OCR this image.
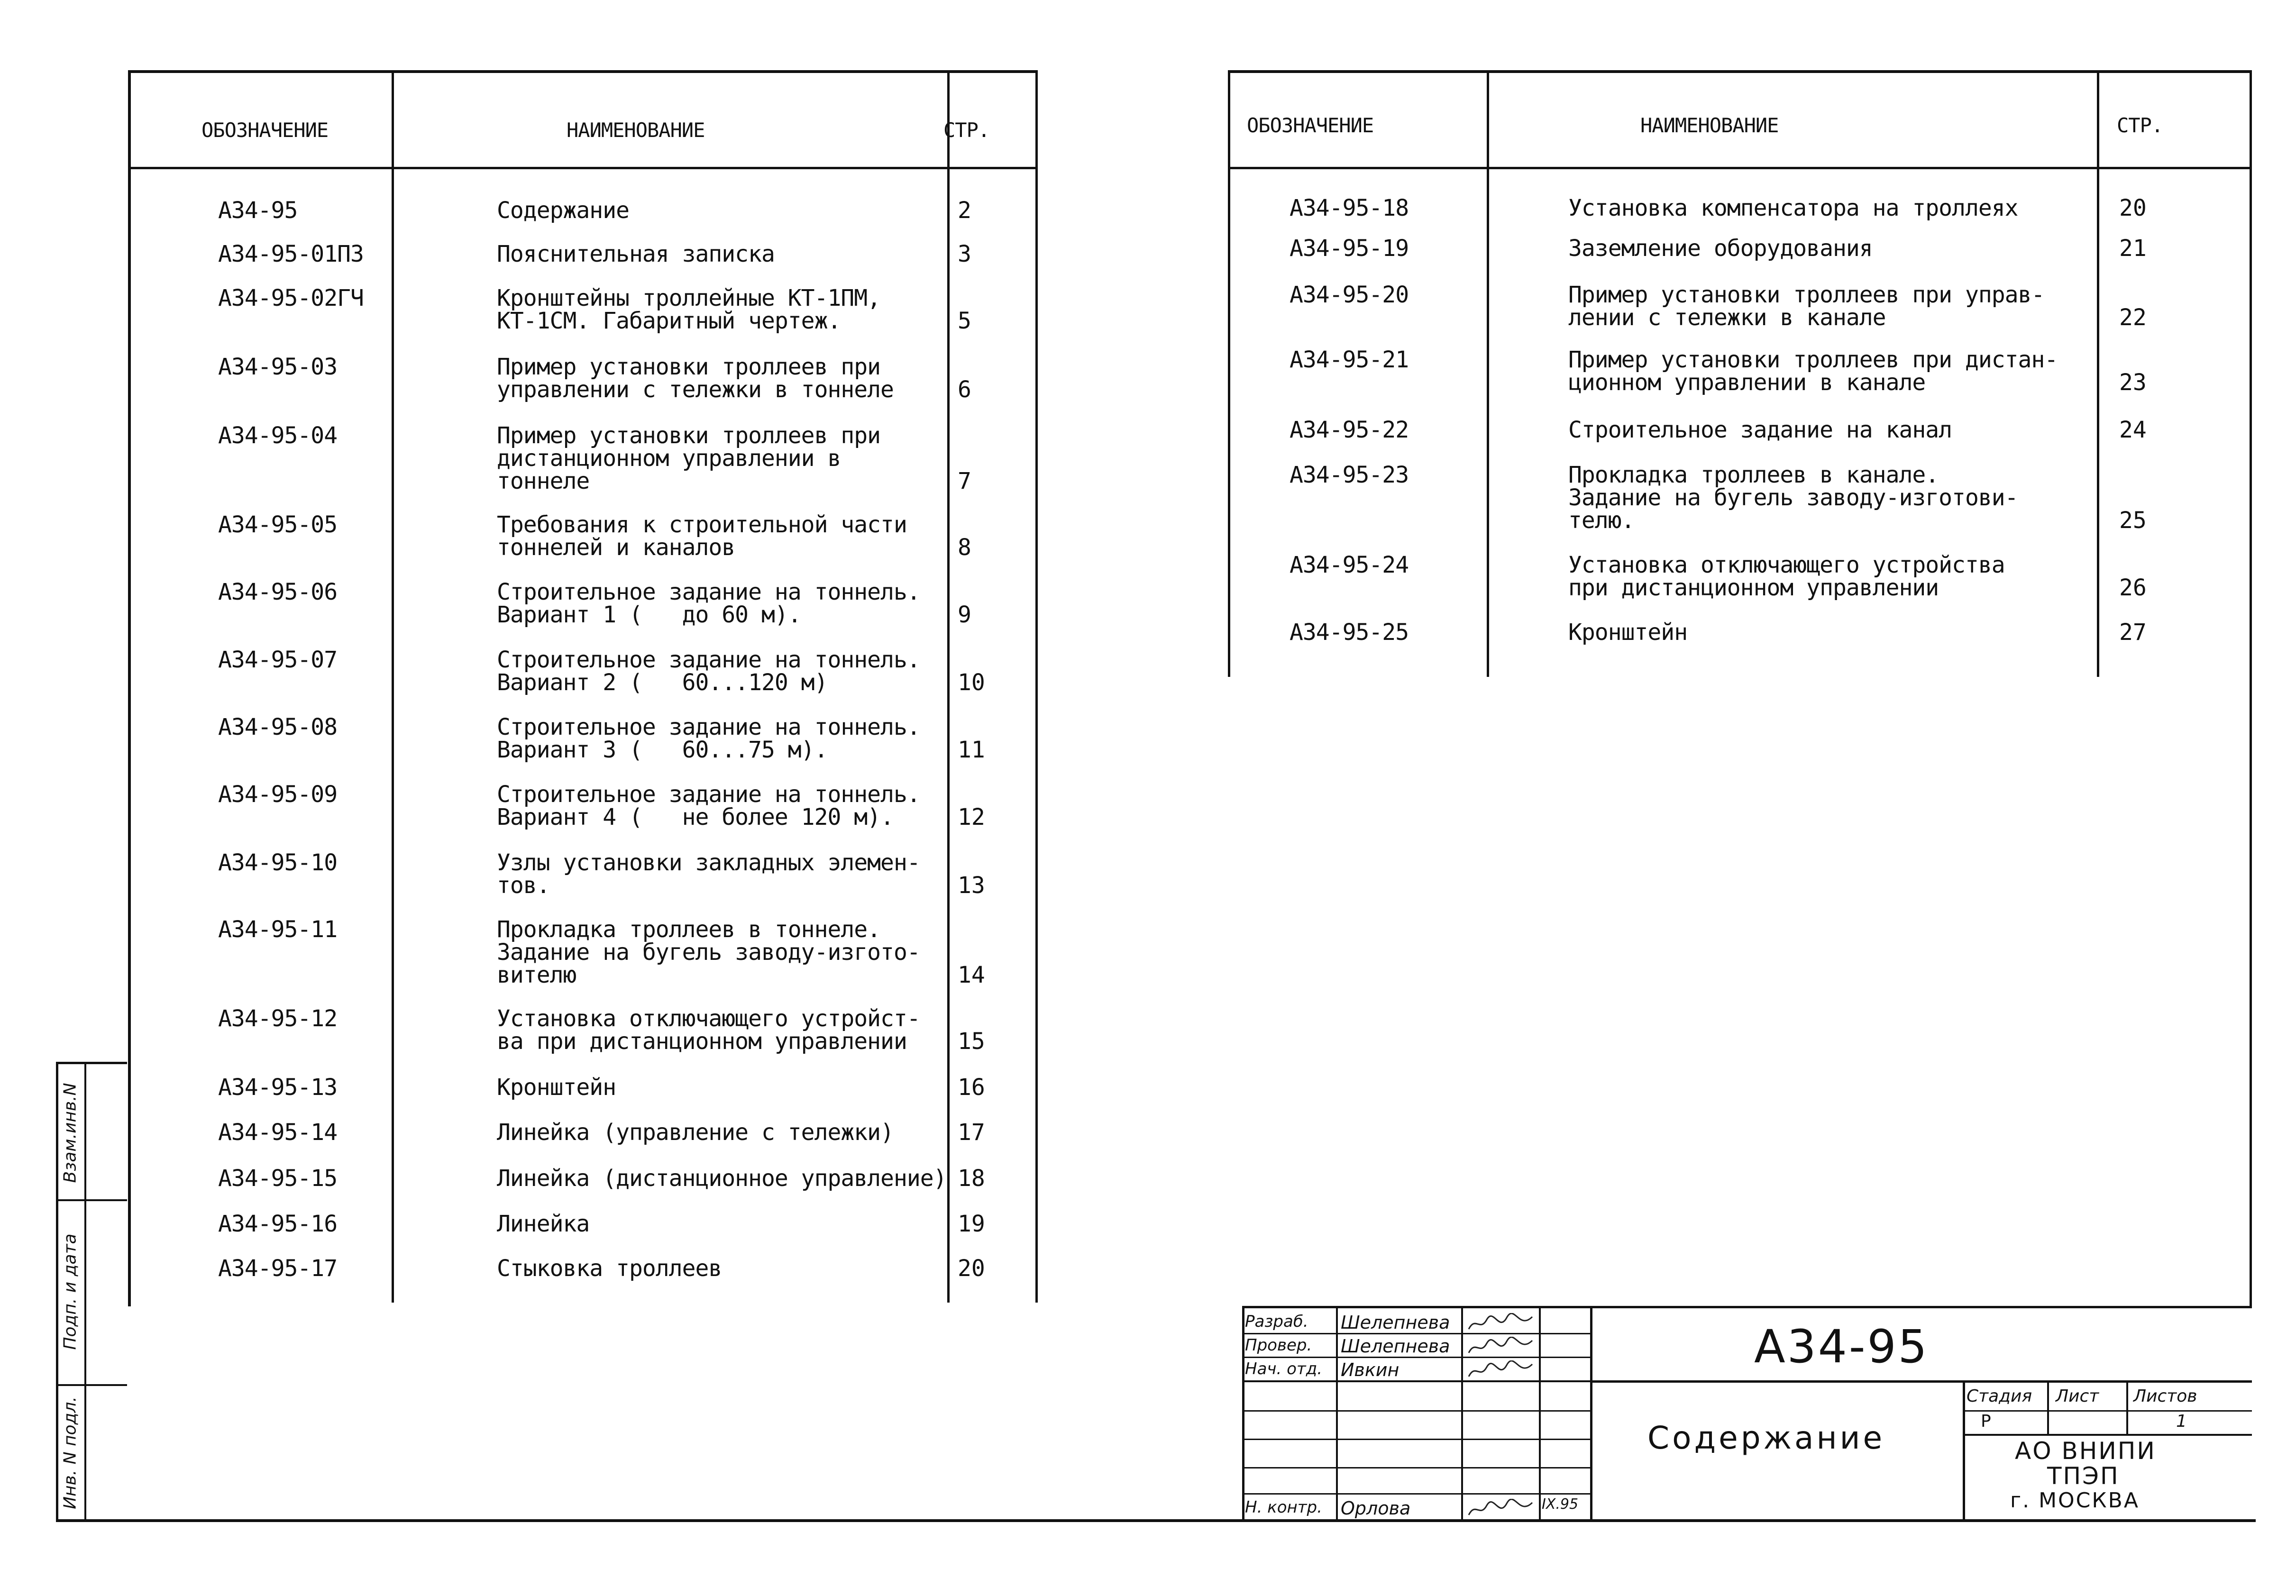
ОБОЗНАЧЕНИЕ	НАИМЕНОВАНИЕ	СТР.
А34-95	Содержание	2
А34-95-01ПЗ	Пояснительная записка	3
А34-95-02ГЧ	Кронштейны троллейные КТ-1ПМ,
КТ-1СМ. Габаритный чертеж.	5
А34-95-03	Пример установки троллеев при
управлении с тележки в тоннеле	6
А34-95-04	Пример установки троллеев при
дистанционном управлении в
тоннеле	7
А34-95-05	Требования к строительной части
тоннелей и каналов	8
А34-95-06	Строительное задание на тоннель.
Вариант 1 (   до 60 м).	9
А34-95-07	Строительное задание на тоннель.
Вариант 2 (   60...120 м)	10
А34-95-08	Строительное задание на тоннель.
Вариант 3 (   60...75 м).	11
А34-95-09	Строительное задание на тоннель.
Вариант 4 (   не более 120 м).	12
А34-95-10	Узлы установки закладных элемен-
тов.	13
А34-95-11	Прокладка троллеев в тоннеле.
Задание на бугель заводу-изгото-
вителю	14
А34-95-12	Установка отключающего устройст-
ва при дистанционном управлении	15
А34-95-13	Кронштейн	16
А34-95-14	Линейка (управление с тележки)	17
А34-95-15	Линейка (дистанционное управление) 18
А34-95-16	Линейка	19
А34-95-17	Стыковка троллеев	20
ОБОЗНАЧЕНИЕ	НАИМЕНОВАНИЕ	СТР.
А34-95-18	Установка компенсатора на троллеях	20
А34-95-19	Заземление оборудования	21
А34-95-20	Пример установки троллеев при управ-
лении с тележки в канале	22
А34-95-21	Пример установки троллеев при дистан-
ционном управлении в канале	23
А34-95-22	Строительное задание на канал	24
А34-95-23	Прокладка троллеев в канале.
Задание на бугель заводу-изготови-
телю.	25
А34-95-24	Установка отключающего устройства
при дистанционном управлении	26
А34-95-25	Кронштейн	27
Взам.инв.N
Подп. и дата
Инв. N подл.
Разраб. Шелепнева
Провер. Шелепнева
Нач. отд. Ивкин
Н. контр. Орлова	IX.95
А34-95
Содержание
Стадия Лист Листов
Р	1
АО ВНИПИ
ТПЭП
г. МОСКВА
